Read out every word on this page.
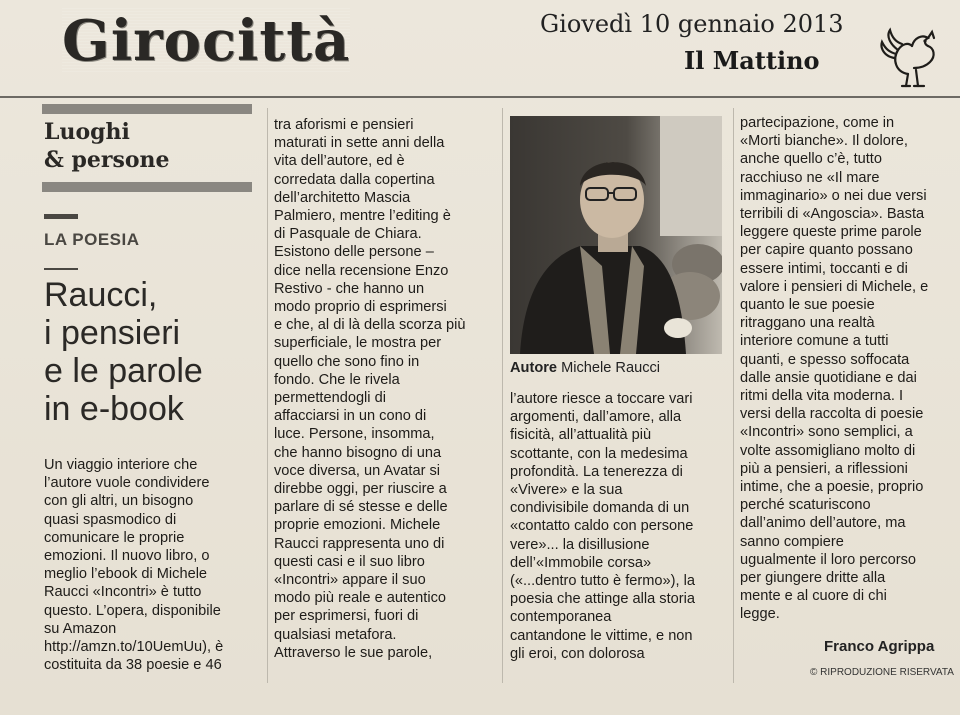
Girocittà	Giovedì 10 gennaio 2013
Il Mattino
Luoghi
& persone
LA POESIA
Raucci,
i pensieri
e le parole
in e-book
Un viaggio interiore che
l’autore vuole condividere
con gli altri, un bisogno
quasi spasmodico di
comunicare le proprie
emozioni. Il nuovo libro, o
meglio l’ebook di Michele
Raucci «Incontri» è tutto
questo. L’opera, disponibile
su Amazon
http://amzn.to/10UemUu), è
costituita da 38 poesie e 46
tra aforismi e pensieri
maturati in sette anni della
vita dell’autore, ed è
corredata dalla copertina
dell’architetto Mascia
Palmiero, mentre l’editing è
di Pasquale de Chiara.
Esistono delle persone –
dice nella recensione Enzo
Restivo - che hanno un
modo proprio di esprimersi
e che, al di là della scorza più
superficiale, le mostra per
quello che sono fino in
fondo. Che le rivela
permettendogli di
affacciarsi in un cono di
luce. Persone, insomma,
che hanno bisogno di una
voce diversa, un Avatar si
direbbe oggi, per riuscire a
parlare di sé stesse e delle
proprie emozioni. Michele
Raucci rappresenta uno di
questi casi e il suo libro
«Incontri» appare il suo
modo più reale e autentico
per esprimersi, fuori di
qualsiasi metafora.
Attraverso le sue parole,
Autore Michele Raucci
l’autore riesce a toccare vari
argomenti, dall’amore, alla
fisicità, all’attualità più
scottante, con la medesima
profondità. La tenerezza di
«Vivere» e la sua
condivisibile domanda di un
«contatto caldo con persone
vere»... la disillusione
dell’«Immobile corsa»
(«...dentro tutto è fermo»), la
poesia che attinge alla storia
contemporanea
cantandone le vittime, e non
gli eroi, con dolorosa
partecipazione, come in
«Morti bianche». Il dolore,
anche quello c’è, tutto
racchiuso ne «Il mare
immaginario» o nei due versi
terribili di «Angoscia». Basta
leggere queste prime parole
per capire quanto possano
essere intimi, toccanti e di
valore i pensieri di Michele, e
quanto le sue poesie
ritraggano una realtà
interiore comune a tutti
quanti, e spesso soffocata
dalle ansie quotidiane e dai
ritmi della vita moderna. I
versi della raccolta di poesie
«Incontri» sono semplici, a
volte assomigliano molto di
più a pensieri, a riflessioni
intime, che a poesie, proprio
perché scaturiscono
dall’animo dell’autore, ma
sanno compiere
ugualmente il loro percorso
per giungere dritte alla
mente e al cuore di chi
legge.
Franco Agrippa
© RIPRODUZIONE RISERVATA
